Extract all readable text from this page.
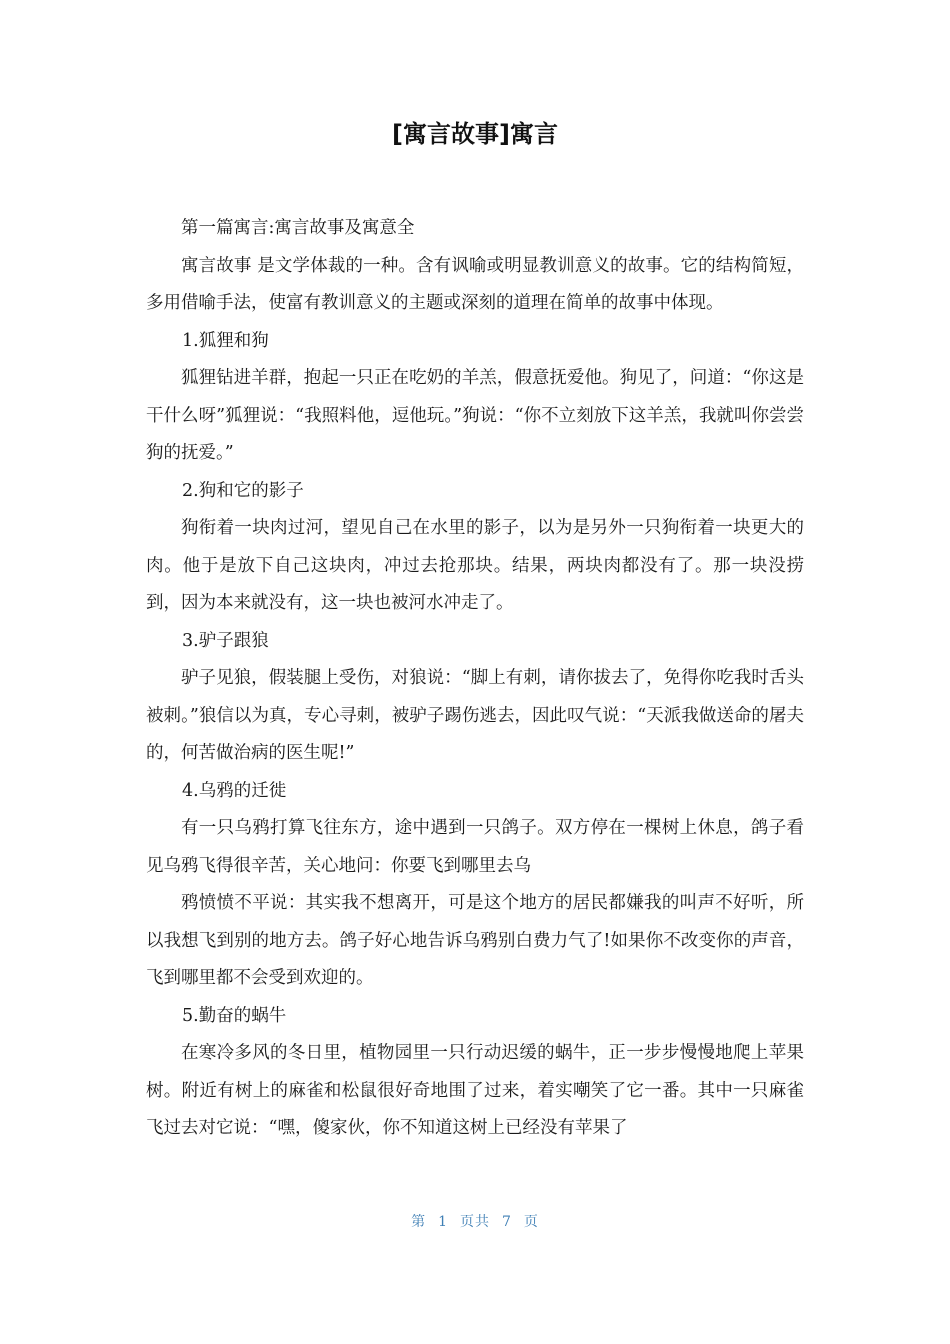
[寓言故事]寓言

第一篇寓言:寓言故事及寓意全

寓言故事 是文学体裁的一种。含有讽喻或明显教训意义的故事。它的结构简短，多用借喻手法，使富有教训意义的主题或深刻的道理在简单的故事中体现。

1.狐狸和狗

狐狸钻进羊群，抱起一只正在吃奶的羊羔，假意抚爱他。狗见了，问道：“你这是干什么呀”狐狸说：“我照料他，逗他玩。”狗说：“你不立刻放下这羊羔，我就叫你尝尝狗的抚爱。”

2.狗和它的影子

狗衔着一块肉过河，望见自己在水里的影子，以为是另外一只狗衔着一块更大的肉。他于是放下自己这块肉，冲过去抢那块。结果，两块肉都没有了。那一块没捞到，因为本来就没有，这一块也被河水冲走了。

3.驴子跟狼

驴子见狼，假装腿上受伤，对狼说：“脚上有刺，请你拔去了，免得你吃我时舌头被刺。”狼信以为真，专心寻刺，被驴子踢伤逃去，因此叹气说：“天派我做送命的屠夫的，何苦做治病的医生呢!”

4.乌鸦的迁徙

有一只乌鸦打算飞往东方，途中遇到一只鸽子。双方停在一棵树上休息，鸽子看见乌鸦飞得很辛苦，关心地问：你要飞到哪里去乌

鸦愤愤不平说：其实我不想离开，可是这个地方的居民都嫌我的叫声不好听，所以我想飞到别的地方去。鸽子好心地告诉乌鸦别白费力气了!如果你不改变你的声音，飞到哪里都不会受到欢迎的。

5.勤奋的蜗牛

在寒冷多风的冬日里，植物园里一只行动迟缓的蜗牛，正一步步慢慢地爬上苹果树。附近有树上的麻雀和松鼠很好奇地围了过来，着实嘲笑了它一番。其中一只麻雀飞过去对它说：“嘿，傻家伙，你不知道这树上已经没有苹果了

第 1 页共 7 页
